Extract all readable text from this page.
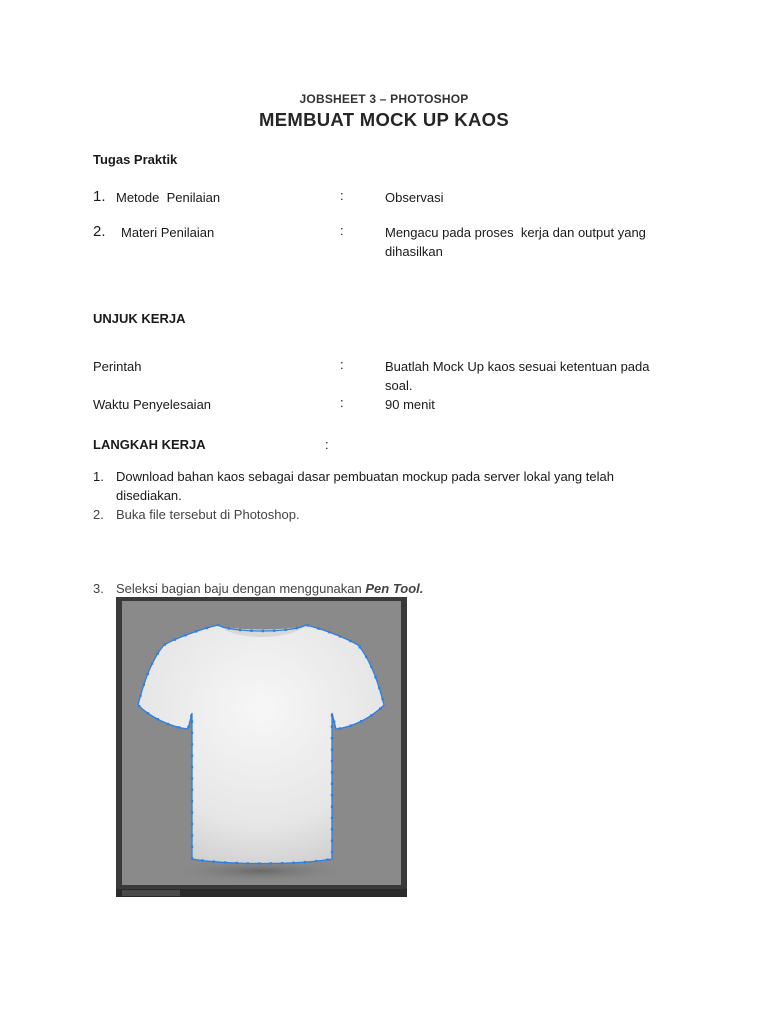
JOBSHEET 3 – PHOTOSHOP
MEMBUAT MOCK UP KAOS
Tugas Praktik
1. Metode  Penilaian	:	Observasi
2. Materi Penilaian	:	Mengacu pada proses  kerja dan output yang
dihasilkan
UNJUK KERJA
Perintah	:	Buatlah Mock Up kaos sesuai ketentuan pada
soal.
Waktu Penyelesaian	:	90 menit
LANGKAH KERJA	:
1. Download bahan kaos sebagai dasar pembuatan mockup pada server lokal yang telah
disediakan.
2. Buka file tersebut di Photoshop.
3. Seleksi bagian baju dengan menggunakan Pen Tool.
